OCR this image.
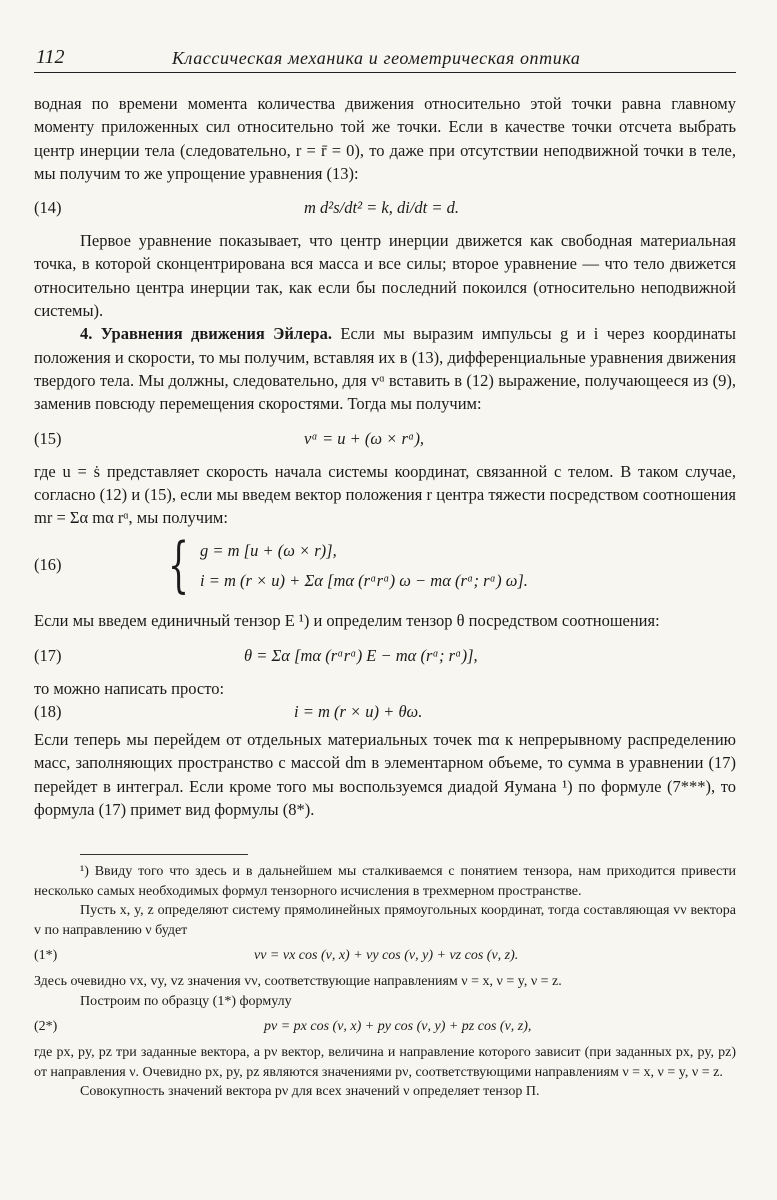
112	Классическая механика и геометрическая оптика

водная по времени момента количества движения относительно этой точки равна главному моменту приложенных сил относительно той же точки. Если в качестве точки отсчета выбрать центр инерции тела (следовательно, r = r̄ = 0), то даже при отсутствии неподвижной точки в теле, мы получим то же упрощение уравнения (13):

(14)	m d²s/dt² = k, di/dt = d.

Первое уравнение показывает, что центр инерции движется как свободная материальная точка, в которой сконцентрирована вся масса и все силы; второе уравнение — что тело движется относительно центра инерции так, как если бы последний покоился (относительно неподвижной системы).

4. Уравнения движения Эйлера. Если мы выразим импульсы g и i через координаты положения и скорости, то мы получим, вставляя их в (13), дифференциальные уравнения движения твердого тела. Мы должны, следовательно, для vᵅ вставить в (12) выражение, получающееся из (9), заменив повсюду перемещения скоростями. Тогда мы получим:

(15)	vᵅ = u + (ω × rᵅ),

где u = ṡ представляет скорость начала системы координат, связанной с телом. В таком случае, согласно (12) и (15), если мы введем вектор положения r центра тяжести посредством соотношения mr = Σα mα rᵅ, мы получим:

(16) { g = m [u + (ω × r)],
i = m (r × u) + Σα [mα (rᵅrᵅ) ω − mα (rᵅ; rᵅ) ω].

Если мы введем единичный тензор E ¹) и определим тензор θ посредством соотношения:

(17)	θ = Σα [mα (rᵅrᵅ) E − mα (rᵅ; rᵅ)],

то можно написать просто:

(18)	i = m (r × u) + θω.

Если теперь мы перейдем от отдельных материальных точек mα к непрерывному распределению масс, заполняющих пространство с массой dm в элементарном объеме, то сумма в уравнении (17) перейдет в интеграл. Если кроме того мы воспользуемся диадой Яумана ¹) по формуле (7***), то формула (17) примет вид формулы (8*).

¹) Ввиду того что здесь и в дальнейшем мы сталкиваемся с понятием тензора, нам приходится привести несколько самых необходимых формул тензорного исчисления в трехмерном пространстве.

Пусть x, y, z определяют систему прямолинейных прямоугольных координат, тогда составляющая vν вектора v по направлению ν будет

(1*)	vν = vx cos (ν, x) + vy cos (ν, y) + vz cos (ν, z).

Здесь очевидно vx, vy, vz значения vν, соответствующие направлениям ν = x, ν = y, ν = z.

Построим по образцу (1*) формулу

(2*)	pν = px cos (ν, x) + py cos (ν, y) + pz cos (ν, z),

где px, py, pz три заданные вектора, а pν вектор, величина и направление которого зависит (при заданных px, py, pz) от направления ν. Очевидно px, py, pz являются значениями pν, соответствующими направлениям ν = x, ν = y, ν = z.

Совокупность значений вектора pν для всех значений ν определяет тензор П.
